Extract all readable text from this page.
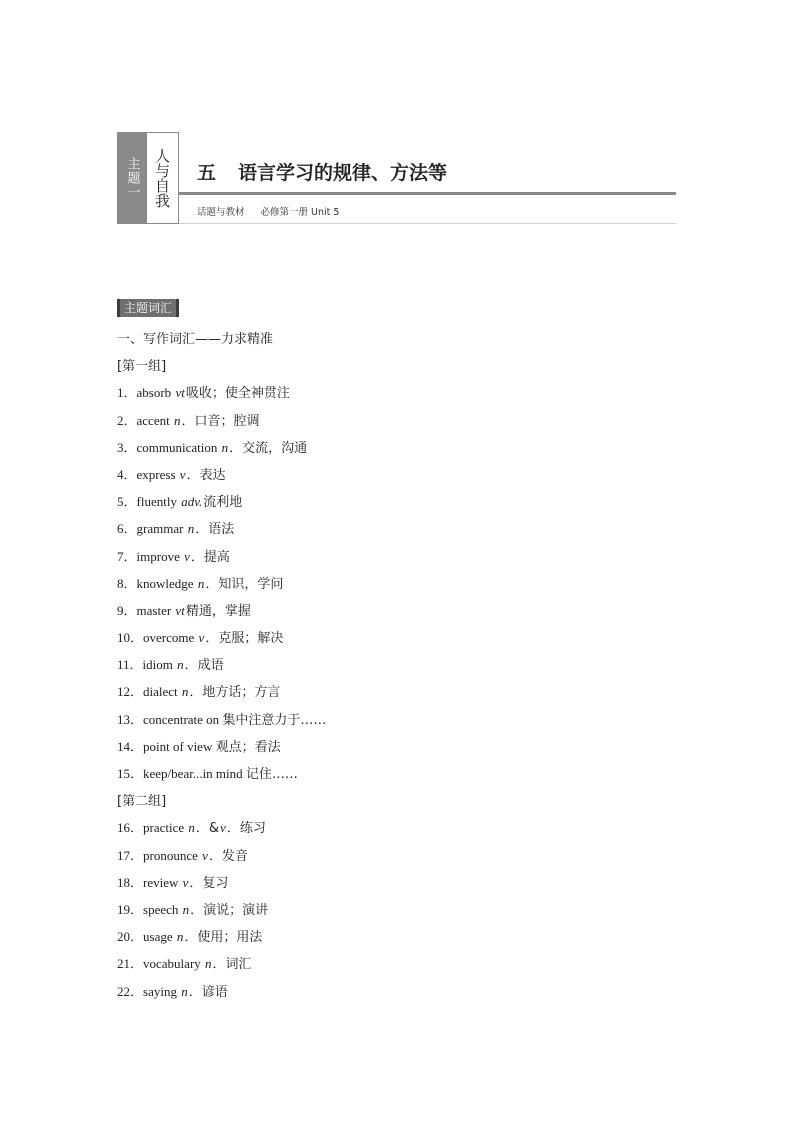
主题一 人与自我	五 语言学习的规律、方法等
话题与教材 必修第一册 Unit 5
主题词汇
一、写作词汇——力求精准
[第一组]
1．absorb vt吸收；使全神贯注
2．accent n．口音；腔调
3．communication n．交流，沟通
4．express v．表达
5．fluently adv.流利地
6．grammar n．语法
7．improve v．提高
8．knowledge n．知识，学问
9．master vt精通，掌握
10．overcome v．克服；解决
11．idiom n．成语
12．dialect n．地方话；方言
13．concentrate on 集中注意力于……
14．point of view 观点；看法
15．keep/bear...in mind 记住……
[第二组]
16．practice n．&v．练习
17．pronounce v．发音
18．review v．复习
19．speech n．演说；演讲
20．usage n．使用；用法
21．vocabulary n．词汇
22．saying n．谚语
